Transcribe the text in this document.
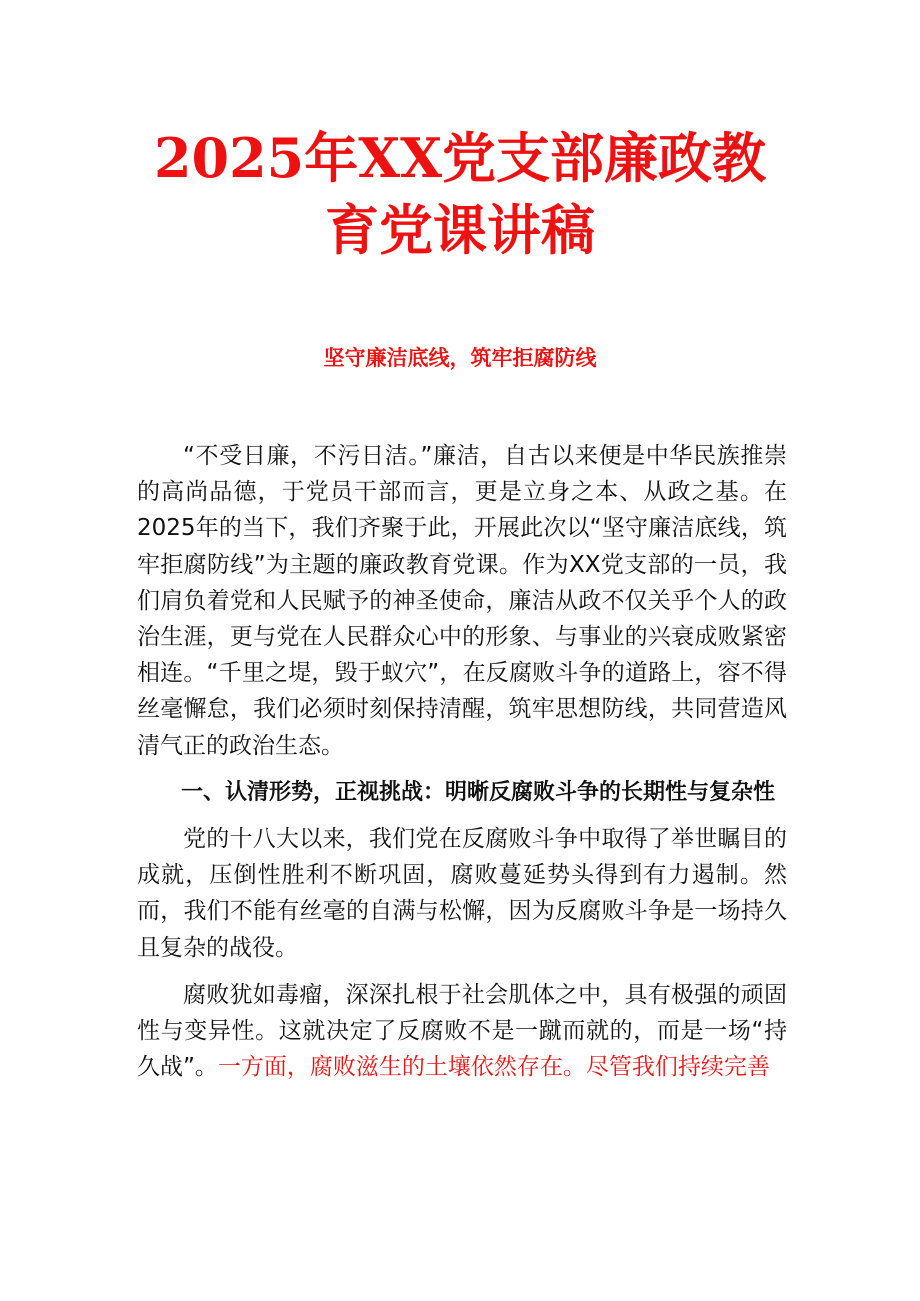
2025年XX党支部廉政教
育党课讲稿
坚守廉洁底线，筑牢拒腐防线

“不受日廉，不污日洁。”廉洁，自古以来便是中华民族推崇的高尚品德，于党员干部而言，更是立身之本、从政之基。在2025年的当下，我们齐聚于此，开展此次以“坚守廉洁底线，筑牢拒腐防线”为主题的廉政教育党课。作为XX党支部的一员，我们肩负着党和人民赋予的神圣使命，廉洁从政不仅关乎个人的政治生涯，更与党在人民群众心中的形象、与事业的兴衰成败紧密相连。“千里之堤，毁于蚁穴”，在反腐败斗争的道路上，容不得丝毫懈怠，我们必须时刻保持清醒，筑牢思想防线，共同营造风清气正的政治生态。

一、认清形势，正视挑战：明晰反腐败斗争的长期性与复杂性

党的十八大以来，我们党在反腐败斗争中取得了举世瞩目的成就，压倒性胜利不断巩固，腐败蔓延势头得到有力遏制。然而，我们不能有丝毫的自满与松懈，因为反腐败斗争是一场持久且复杂的战役。

腐败犹如毒瘤，深深扎根于社会肌体之中，具有极强的顽固性与变异性。这就决定了反腐败不是一蹴而就的，而是一场“持久战”。一方面，腐败滋生的土壤依然存在。尽管我们持续完善
